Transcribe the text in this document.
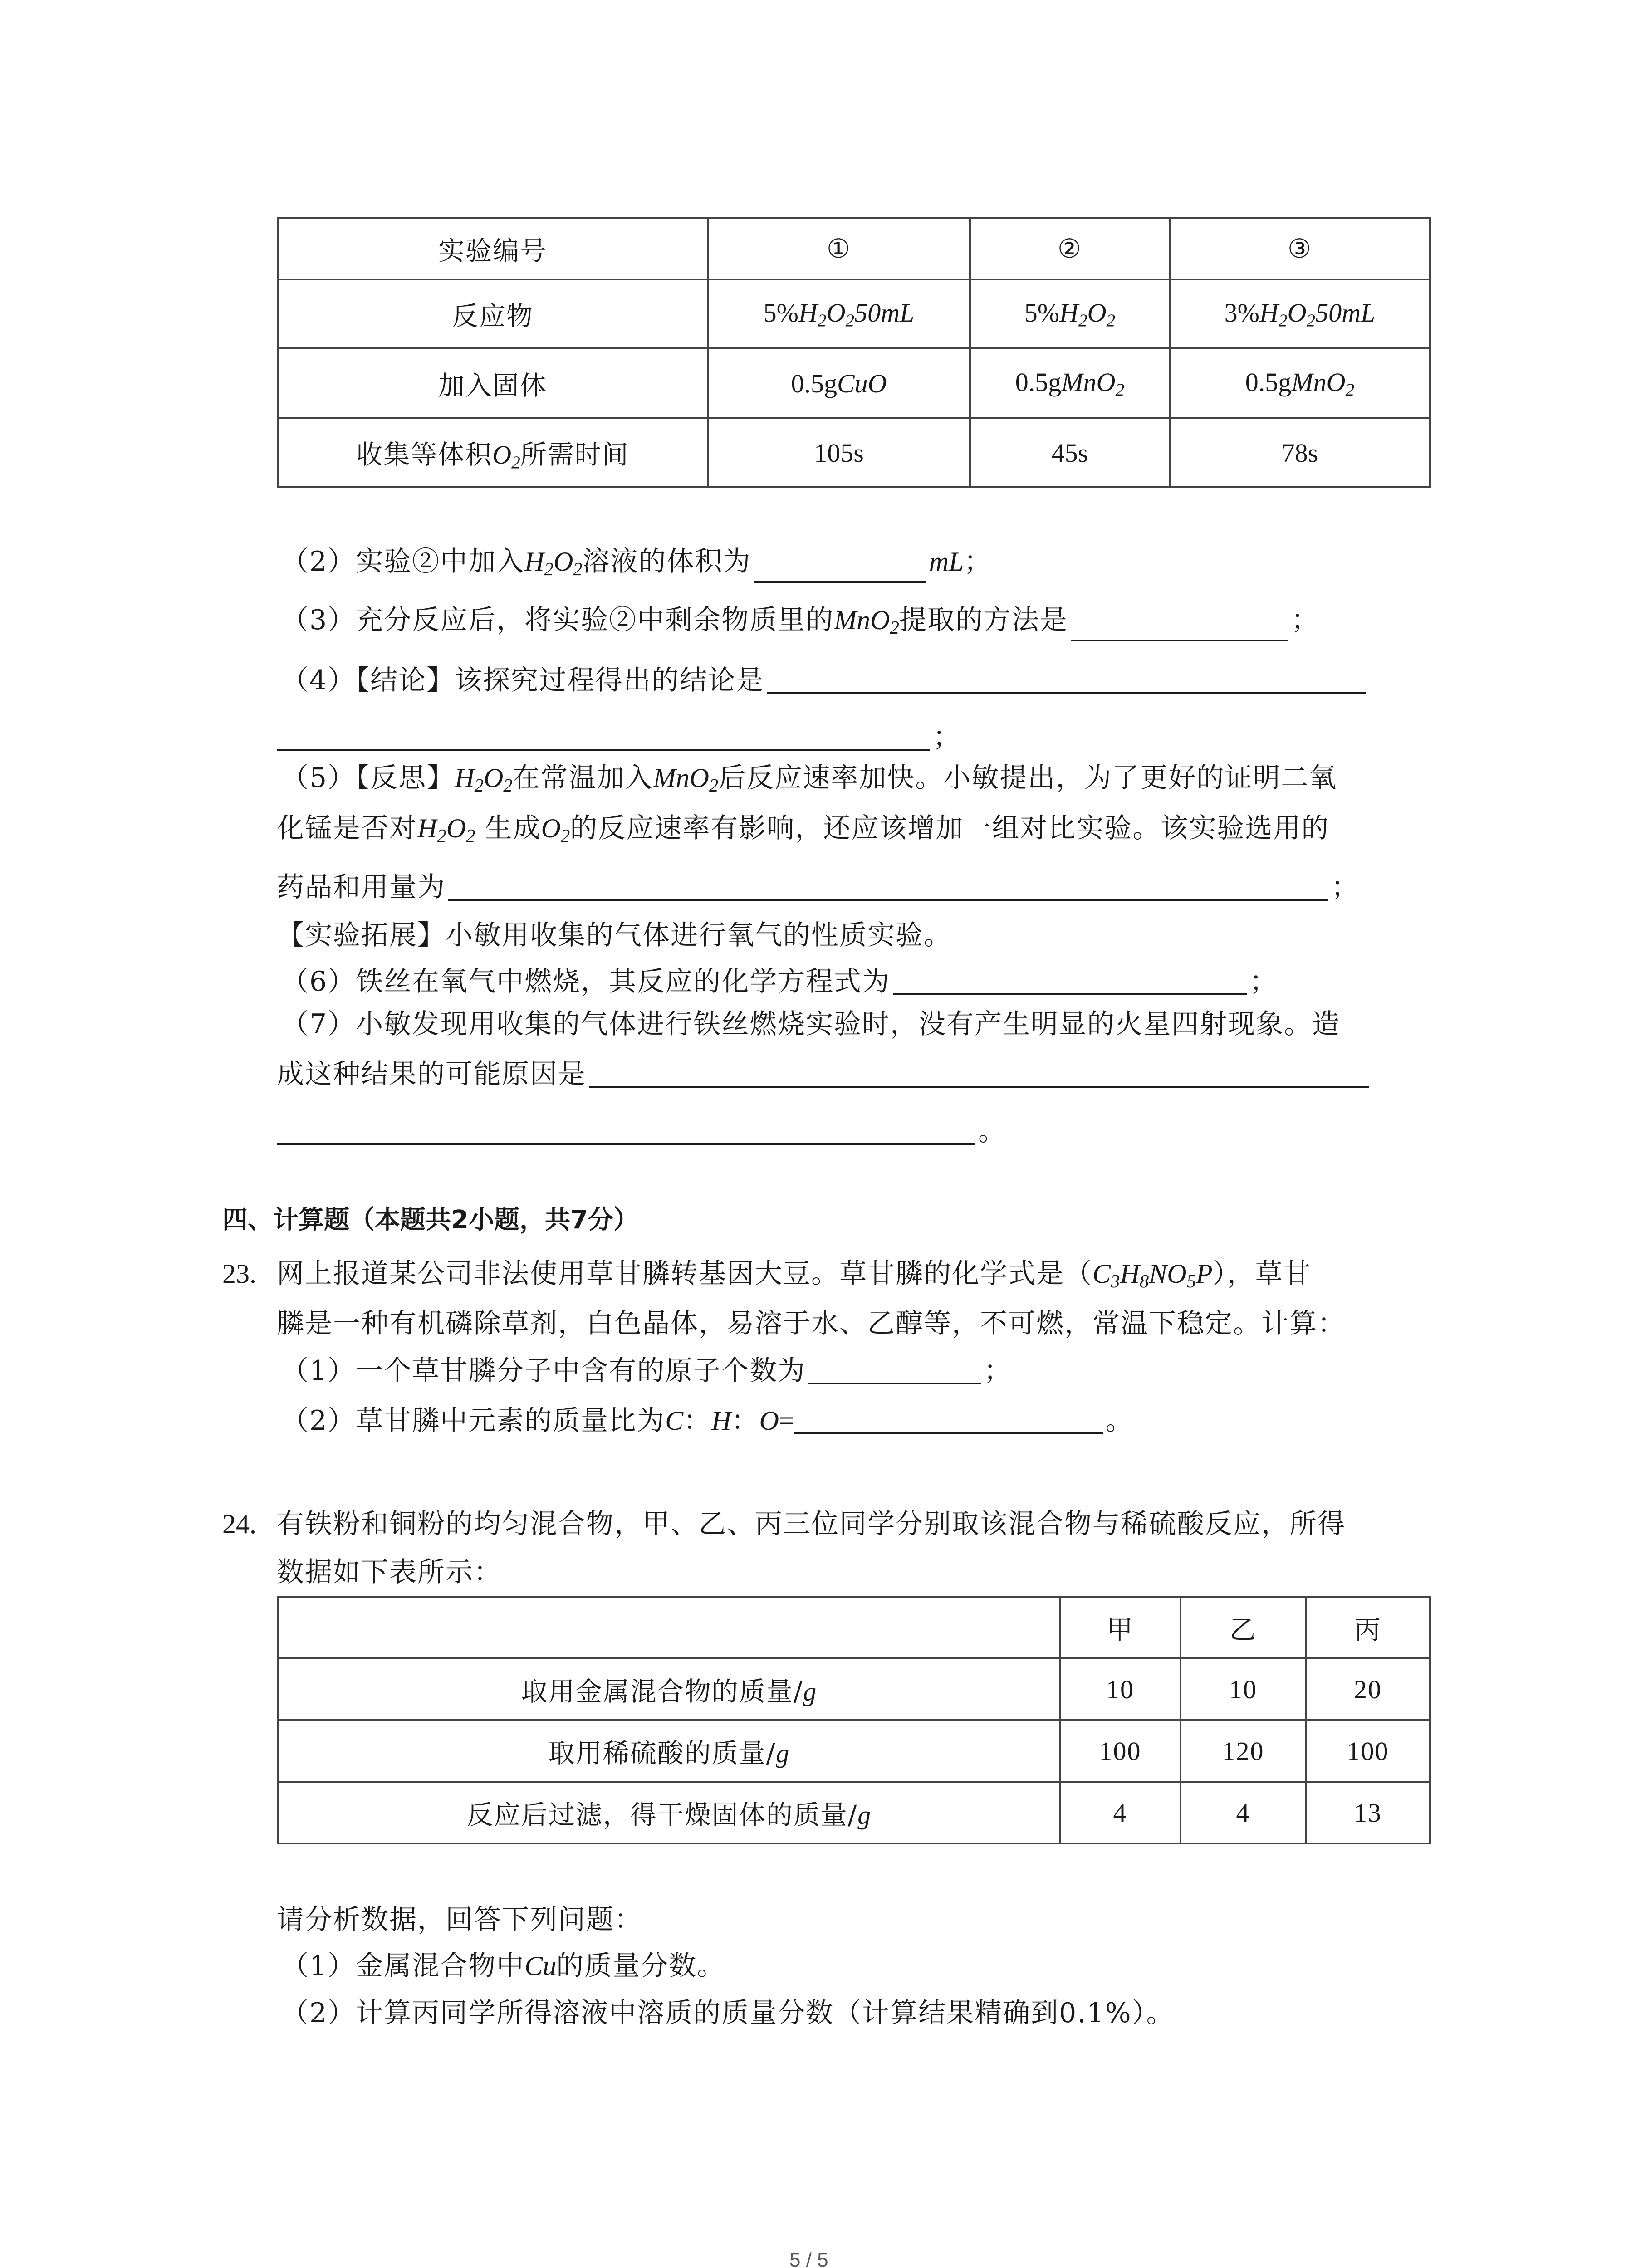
实验编号	①	②	③
反应物	$5\%H_2O_250mL$	$5\%H_2O_2$	$3\%H_2O_250mL$
加入固体	0.5gCuO	0.5gMnO$_2$	0.5gMnO$_2$
收集等体积$O_2$所需时间	105s	45s	78s
（2）实验②中加入$H_2O_2$溶液的体积为	mL；
（3）充分反应后，将实验②中剩余物质里的MnO$_2$提取的方法是	；
（4）【结论】该探究过程得出的结论是
；
（5）【反思】$H_2O_2$在常温加入MnO$_2$后反应速率加快。小敏提出，为了更好的证明二氧
化锰是否对$H_2O_2$ 生成$O_2$的反应速率有影响，还应该增加一组对比实验。该实验选用的
药品和用量为	；
【实验拓展】小敏用收集的气体进行氧气的性质实验。
（6）铁丝在氧气中燃烧，其反应的化学方程式为	；
（7）小敏发现用收集的气体进行铁丝燃烧实验时，没有产生明显的火星四射现象。造
成这种结果的可能原因是
。
四、计算题（本题共2小题，共7分）
23. 网上报道某公司非法使用草甘膦转基因大豆。草甘膦的化学式是$(C_3H_8NO_5P)$，草甘
膦是一种有机磷除草剂，白色晶体，易溶于水、乙醇等，不可燃，常温下稳定。计算：
（1）一个草甘膦分子中含有的原子个数为	；
（2）草甘膦中元素的质量比为C：H：O=	。
24. 有铁粉和铜粉的均匀混合物，甲、乙、丙三位同学分别取该混合物与稀硫酸反应，所得
数据如下表所示：
	甲	乙	丙
取用金属混合物的质量/g	10	10	20
取用稀硫酸的质量/g	100	120	100
反应后过滤，得干燥固体的质量/g	4	4	13
请分析数据，回答下列问题：
（1）金属混合物中Cu的质量分数。
（2）计算丙同学所得溶液中溶质的质量分数（计算结果精确到0.1%）。
5 / 5
